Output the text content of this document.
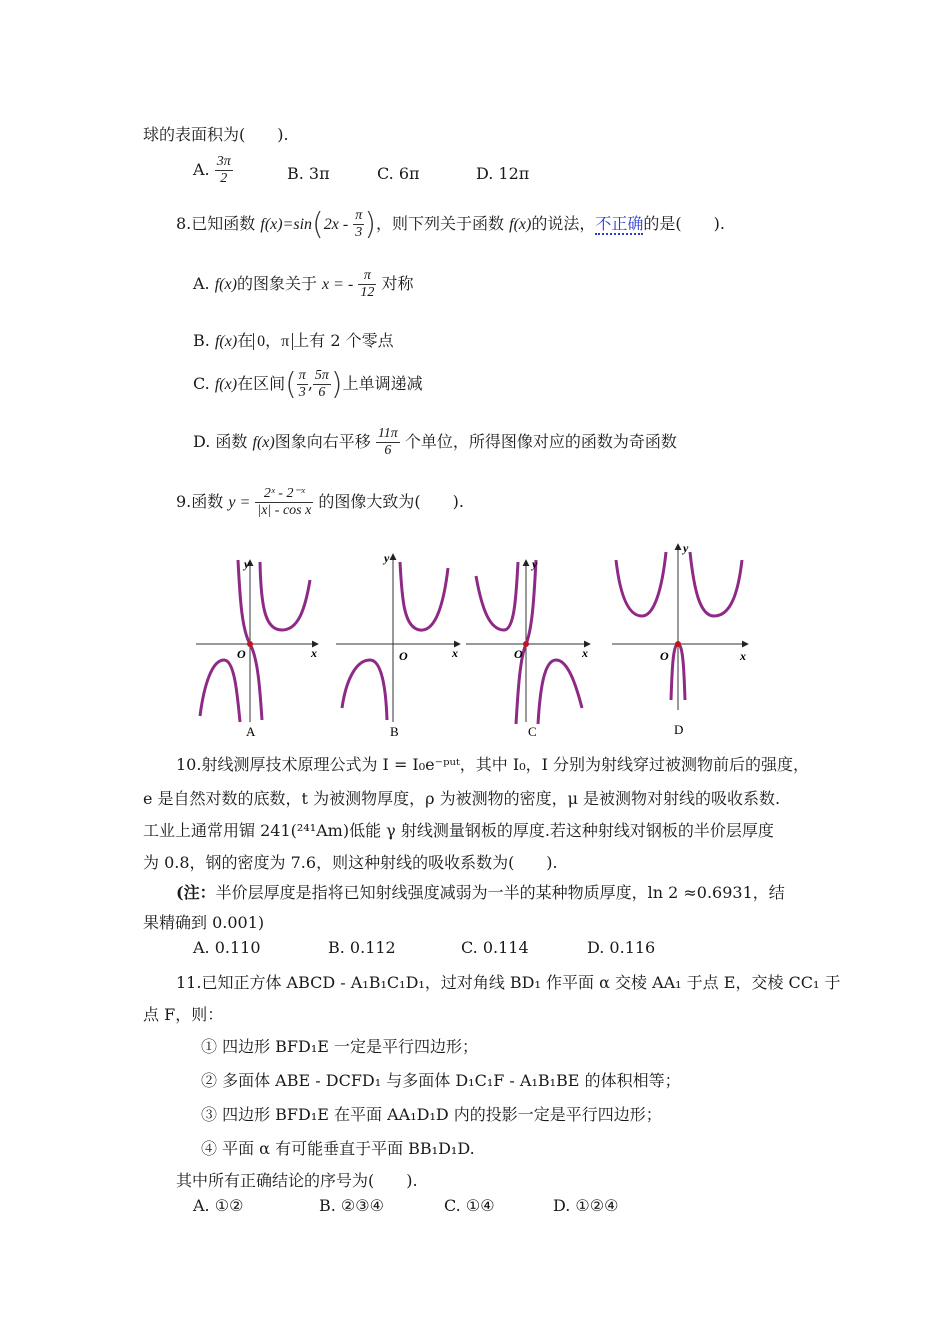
球的表面积为(　　).
A. $\frac{3\pi}{2}$	B. 3π	C. 6π	D. 12π
8.已知函数 $f(x)=\sin(2x - \frac{\pi}{3}$ )，则下列关于函数 f(x)的说法，不正确的是(　　).
A. f(x)的图象关于 x = - $\frac{\pi}{12}$ 对称
B. f(x)在 0，π 上有 2 个零点
C. f(x)在区间( $\frac{\pi}{3}$ , $\frac{5\pi}{6}$ )上单调递减
D. 函数 f(x)图象向右平移 $\frac{11\pi}{6}$ 个单位，所得图像对应的函数为奇函数
9.函数 $y = \frac{\text{2ˣ - 2⁻ˣ}}{\text{|x| - cos x}}$ 的图像大致为(　　).
y
x
O
A
y
x
O
B
y
x
O
C
y
x
O
D
10.射线测厚技术原理公式为 I = I₀e⁻ᵖᵘᵗ，其中 I₀，I 分别为射线穿过被测物前后的强度，
e 是自然对数的底数，t 为被测物厚度，ρ 为被测物的密度，μ 是被测物对射线的吸收系数.
工业上通常用镅 241(²⁴¹Am)低能 γ 射线测量钢板的厚度.若这种射线对钢板的半价层厚度
为 0.8，钢的密度为 7.6，则这种射线的吸收系数为(　　).
(注：半价层厚度是指将已知射线强度减弱为一半的某种物质厚度，ln 2 ≈0.6931，结
果精确到 0.001)
A. 0.110	B. 0.112	C. 0.114	D. 0.116
11.已知正方体 ABCD - A₁B₁C₁D₁，过对角线 BD₁ 作平面 α 交棱 AA₁ 于点 E，交棱 CC₁ 于
点 F，则：
① 四边形 BFD₁E 一定是平行四边形；
② 多面体 ABE - DCFD₁ 与多面体 D₁C₁F - A₁B₁BE 的体积相等；
③ 四边形 BFD₁E 在平面 AA₁D₁D 内的投影一定是平行四边形；
④ 平面 α 有可能垂直于平面 BB₁D₁D.
其中所有正确结论的序号为(　　).
A. ①②	B. ②③④	C. ①④	D. ①②④
